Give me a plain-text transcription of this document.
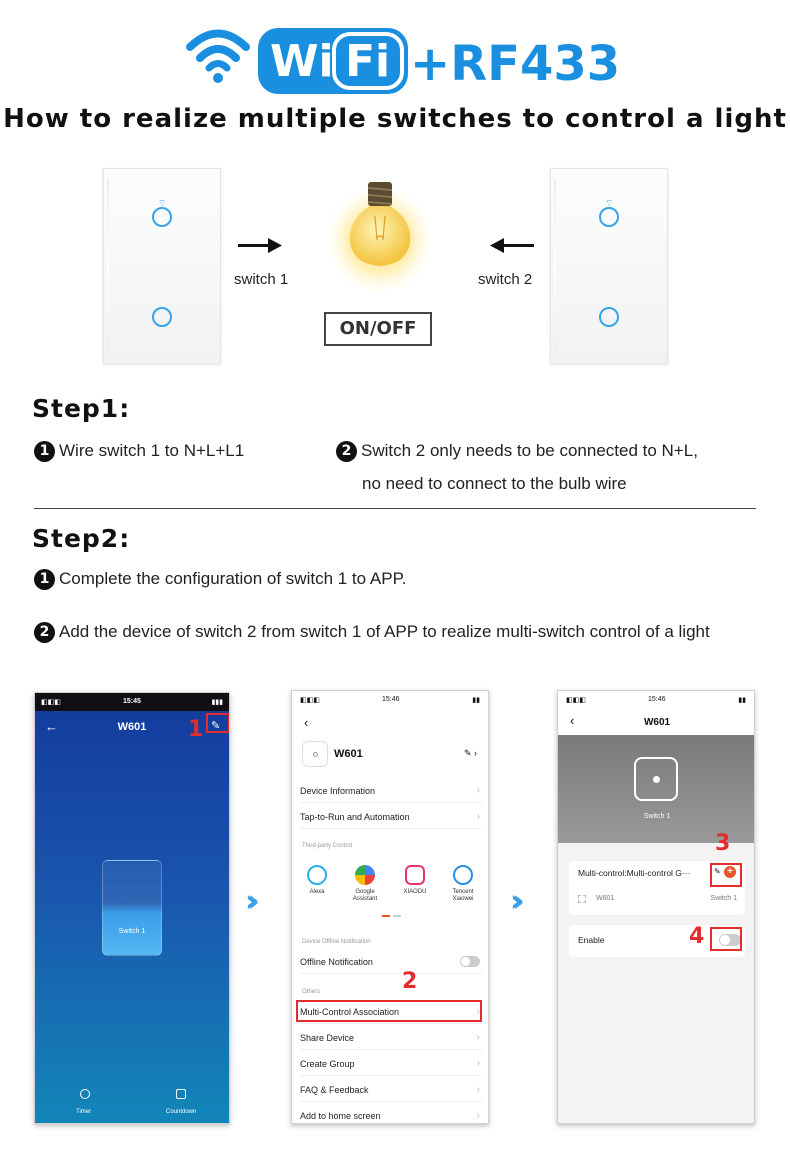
Wi Fi +RF433
How to realize multiple switches to control a light
⌔
switch 1
ON/OFF
switch 2
⌔
Step1:
1 Wire switch 1 to N+L+L1	2 Switch 2 only needs to be connected to N+L,
no need to connect to the bulb wire
Step2:
1 Complete the configuration of switch 1 to APP.
2 Add the device of switch 2 from switch 1 of APP to realize multi-switch control of a light
◧◧◧	15:45	▮▮▮
←	W601	✎
1
Switch 1
Timer	Countdown
››	››
◧◧◧	15:46	▮▮
‹
W601	✎ ›
Device Information	›
Tap-to-Run and Automation	›
Third-party Control
Alexa	Google
Assistant
XIAODU	Tencent
Xiaowei
Device Offline Notification
Offline Notification
Others
Multi-Control Association	›
2
Share Device	›
Create Group	›
FAQ & Feedback	›
Add to home screen	›
◧◧◧	15:46	▮▮
‹	W601
Switch 1
Multi-control:Multi-control G···	✎ +
W601	Switch 1
3
Enable	4
